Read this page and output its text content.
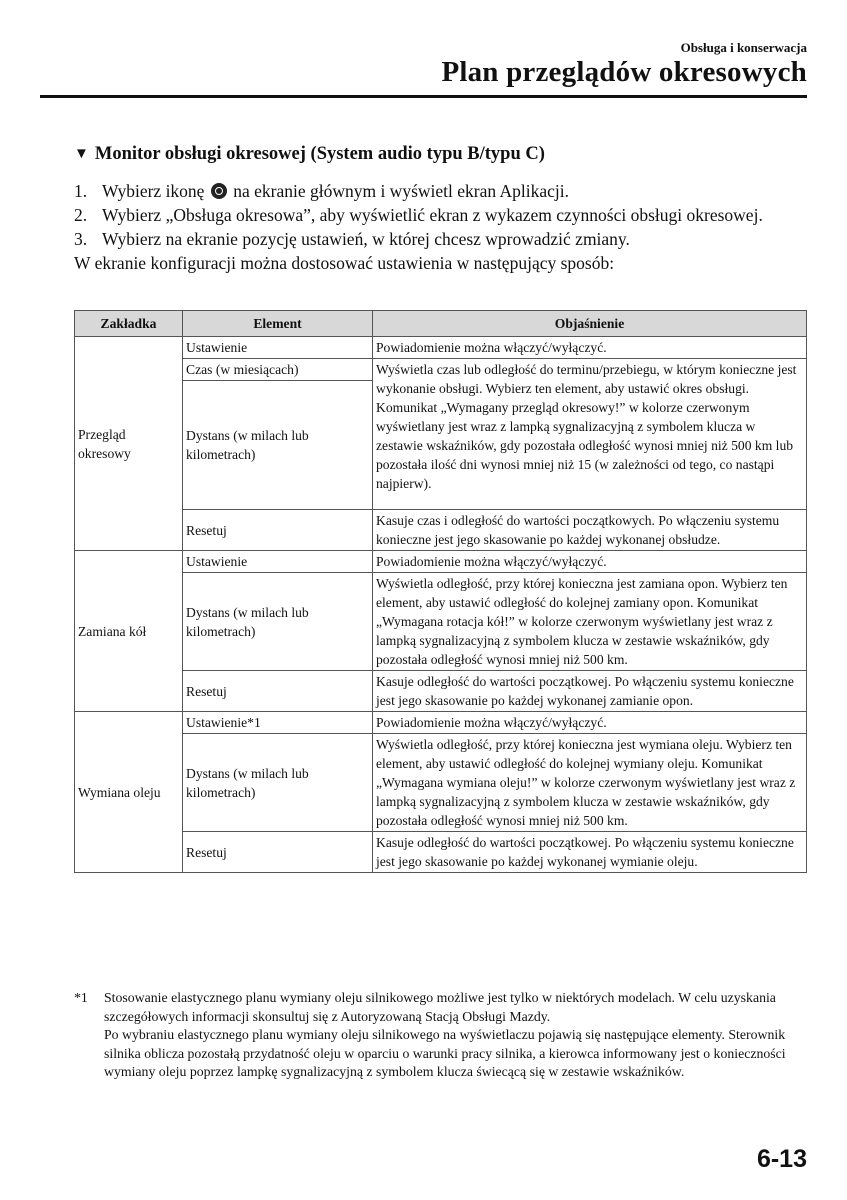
Obsługa i konserwacja
Plan przeglądów okresowych
▼ Monitor obsługi okresowej (System audio typu B/typu C)
1. Wybierz ikonę  na ekranie głównym i wyświetl ekran Aplikacji.
2. Wybierz „Obsługa okresowa”, aby wyświetlić ekran z wykazem czynności obsługi okresowej.
3. Wybierz na ekranie pozycję ustawień, w której chcesz wprowadzić zmiany.
W ekranie konfiguracji można dostosować ustawienia w następujący sposób:
Zakładka	Element	Objaśnienie
Przegląd okresowy	Ustawienie	Powiadomienie można włączyć/wyłączyć.
	Czas (w miesiącach)	Wyświetla czas lub odległość do terminu/przebiegu, w którym konieczne jest wykonanie obsługi. Wybierz ten element, aby ustawić okres obsługi. Komunikat „Wymagany przegląd okresowy!” w kolorze czerwonym wyświetlany jest wraz z lampką sygnalizacyjną z symbolem klucza w zestawie wskaźników, gdy pozostała odległość wynosi mniej niż 500 km lub pozostała ilość dni wynosi mniej niż 15 (w zależności od tego, co nastąpi najpierw).
	Dystans (w milach lub kilometrach)	
	Resetuj	Kasuje czas i odległość do wartości początkowych. Po włączeniu systemu konieczne jest jego skasowanie po każdej wykonanej obsłudze.
Zamiana kół	Ustawienie	Powiadomienie można włączyć/wyłączyć.
	Dystans (w milach lub kilometrach)	Wyświetla odległość, przy której konieczna jest zamiana opon. Wybierz ten element, aby ustawić odległość do kolejnej zamiany opon. Komunikat „Wymagana rotacja kół!” w kolorze czerwonym wyświetlany jest wraz z lampką sygnalizacyjną z symbolem klucza w zestawie wskaźników, gdy pozostała odległość wynosi mniej niż 500 km.
	Resetuj	Kasuje odległość do wartości początkowej. Po włączeniu systemu konieczne jest jego skasowanie po każdej wykonanej zamianie opon.
Wymiana oleju	Ustawienie*1	Powiadomienie można włączyć/wyłączyć.
	Dystans (w milach lub kilometrach)	Wyświetla odległość, przy której konieczna jest wymiana oleju. Wybierz ten element, aby ustawić odległość do kolejnej wymiany oleju. Komunikat „Wymagana wymiana oleju!” w kolorze czerwonym wyświetlany jest wraz z lampką sygnalizacyjną z symbolem klucza w zestawie wskaźników, gdy pozostała odległość wynosi mniej niż 500 km.
	Resetuj	Kasuje odległość do wartości początkowej. Po włączeniu systemu konieczne jest jego skasowanie po każdej wykonanej wymianie oleju.
*1	Stosowanie elastycznego planu wymiany oleju silnikowego możliwe jest tylko w niektórych modelach. W celu uzyskania szczegółowych informacji skonsultuj się z Autoryzowaną Stacją Obsługi Mazdy.
Po wybraniu elastycznego planu wymiany oleju silnikowego na wyświetlaczu pojawią się następujące elementy. Sterownik silnika oblicza pozostałą przydatność oleju w oparciu o warunki pracy silnika, a kierowca informowany jest o konieczności wymiany oleju poprzez lampkę sygnalizacyjną z symbolem klucza świecącą się w zestawie wskaźników.
6-13
